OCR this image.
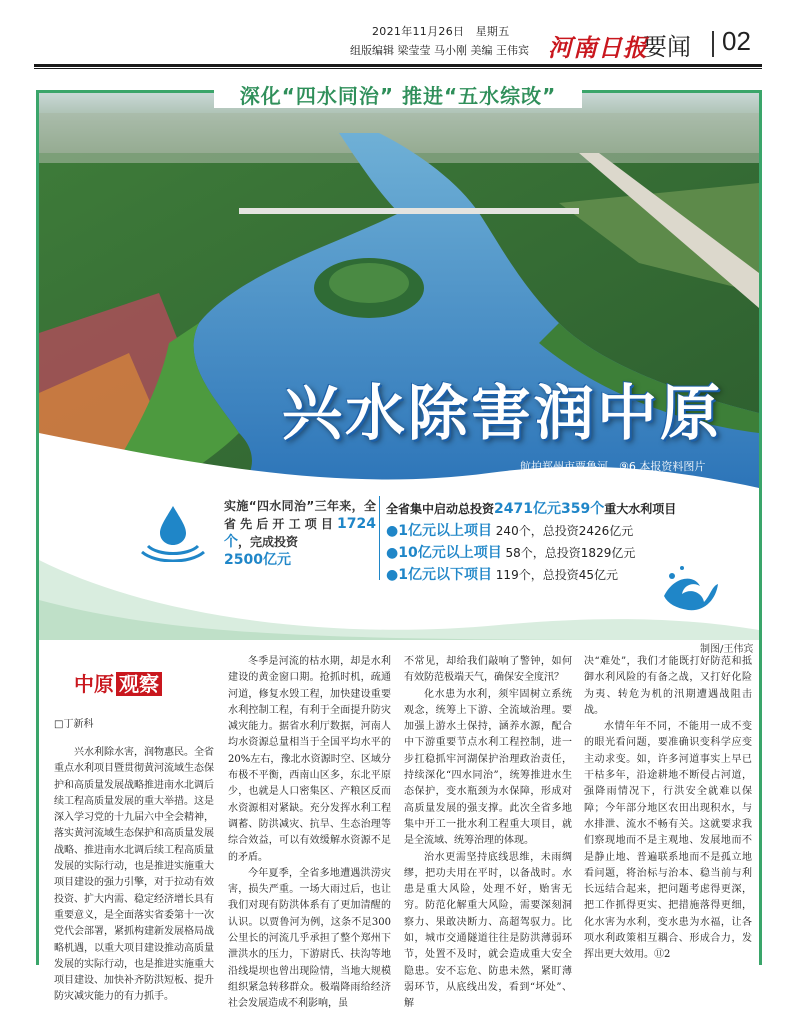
2021年11月26日　星期五
组版编辑 梁莹莹 马小刚 美编 王伟宾 河南日报
要闻 02
深化“四水同治” 推进“五水综改”
兴水除害润中原
航拍郑州市贾鲁河。⑨6 本报资料图片
实施“四水同治”三年来，全省先后开工项目1724 个，完成投资
2500亿元
全省集中启动总投资2471亿元359个重大水利项目
●1亿元以上项目 240个，总投资2426亿元
●10亿元以上项目 58个，总投资1829亿元
●1亿元以下项目 119个，总投资45亿元
制图/王伟宾
中原 观察
□丁新科

兴水利除水害，润物惠民。全省重点水利项目暨贯彻黄河流域生态保护和高质量发展战略推进南水北调后续工程高质量发展的重大举措。这是深入学习党的十九届六中全会精神，落实黄河流域生态保护和高质量发展战略、推进南水北调后续工程高质量发展的实际行动，也是推进实施重大项目建设的强力引擎，对于拉动有效投资、扩大内需、稳定经济增长具有重要意义，是全面落实省委第十一次党代会部署，紧抓构建新发展格局战略机遇，以重大项目建设推动高质量发展的实际行动，也是推进实施重大项目建设、加快补齐防洪短板、提升防灾减灾能力的有力抓手。

冬季是河流的枯水期，却是水利建设的黄金窗口期。抢抓时机，疏通河道，修复水毁工程，加快建设重要水利控制工程，有利于全面提升防灾减灾能力。据省水利厅数据，河南人均水资源总量相当于全国平均水平的20%左右，豫北水资源时空、区域分布极不平衡，西南山区多，东北平原少，也就是人口密集区、产粮区反而水资源相对紧缺。充分发挥水利工程调蓄、防洪减灾、抗旱、生态治理等综合效益，可以有效缓解水资源不足的矛盾。

今年夏季，全省多地遭遇洪涝灾害，损失严重。一场大雨过后，也让我们对现有防洪体系有了更加清醒的认识。以贾鲁河为例，这条不足300公里长的河流几乎承担了整个郑州下泄洪水的压力，下游尉氏、扶沟等地沿线堤坝也曾出现险情，当地大规模组织紧急转移群众。极端降雨给经济社会发展造成不利影响，虽

不常见，却给我们敲响了警钟，如何有效防范极端天气，确保安全度汛？

化水患为水利，须牢固树立系统观念，统筹上下游、全流域治理。要加强上游水土保持，涵养水源，配合中下游重要节点水利工程控制，进一步扛稳抓牢河湖保护治理政治责任，持续深化“四水同治”，统筹推进水生态保护，变水瓶颈为水保障，形成对高质量发展的强支撑。此次全省多地集中开工一批水利工程重大项目，就是全流域、统筹治理的体现。

治水更需坚持底线思维，未雨绸缪，把功夫用在平时，以备战时。水患是重大风险，处理不好，贻害无穷。防范化解重大风险，需要深刻洞察力、果敢决断力、高超驾驭力。比如，城市交通隧道往往是防洪薄弱环节，处置不及时，就会造成重大安全隐患。安不忘危、防患未然，紧盯薄弱环节，从底线出发，看到“坏处”、解

决“难处”，我们才能既打好防范和抵御水利风险的有备之战，又打好化险为夷、转危为机的汛期遭遇战阻击战。

水情年年不同，不能用一成不变的眼光看问题，要准确识变科学应变主动求变。如，许多河道事实上早已干枯多年，沿途耕地不断侵占河道，强降雨情况下，行洪安全就难以保障；今年部分地区农田出现积水，与水排泄、流水不畅有关。这就要求我们察现地而不是主观地、发展地而不是静止地、普遍联系地而不是孤立地看问题，将治标与治本、稳当前与利长远结合起来，把问题考虑得更深，把工作抓得更实、把措施落得更细，化水害为水利，变水患为水福，让各项水利政策相互耦合、形成合力，发挥出更大效用。⑪2
